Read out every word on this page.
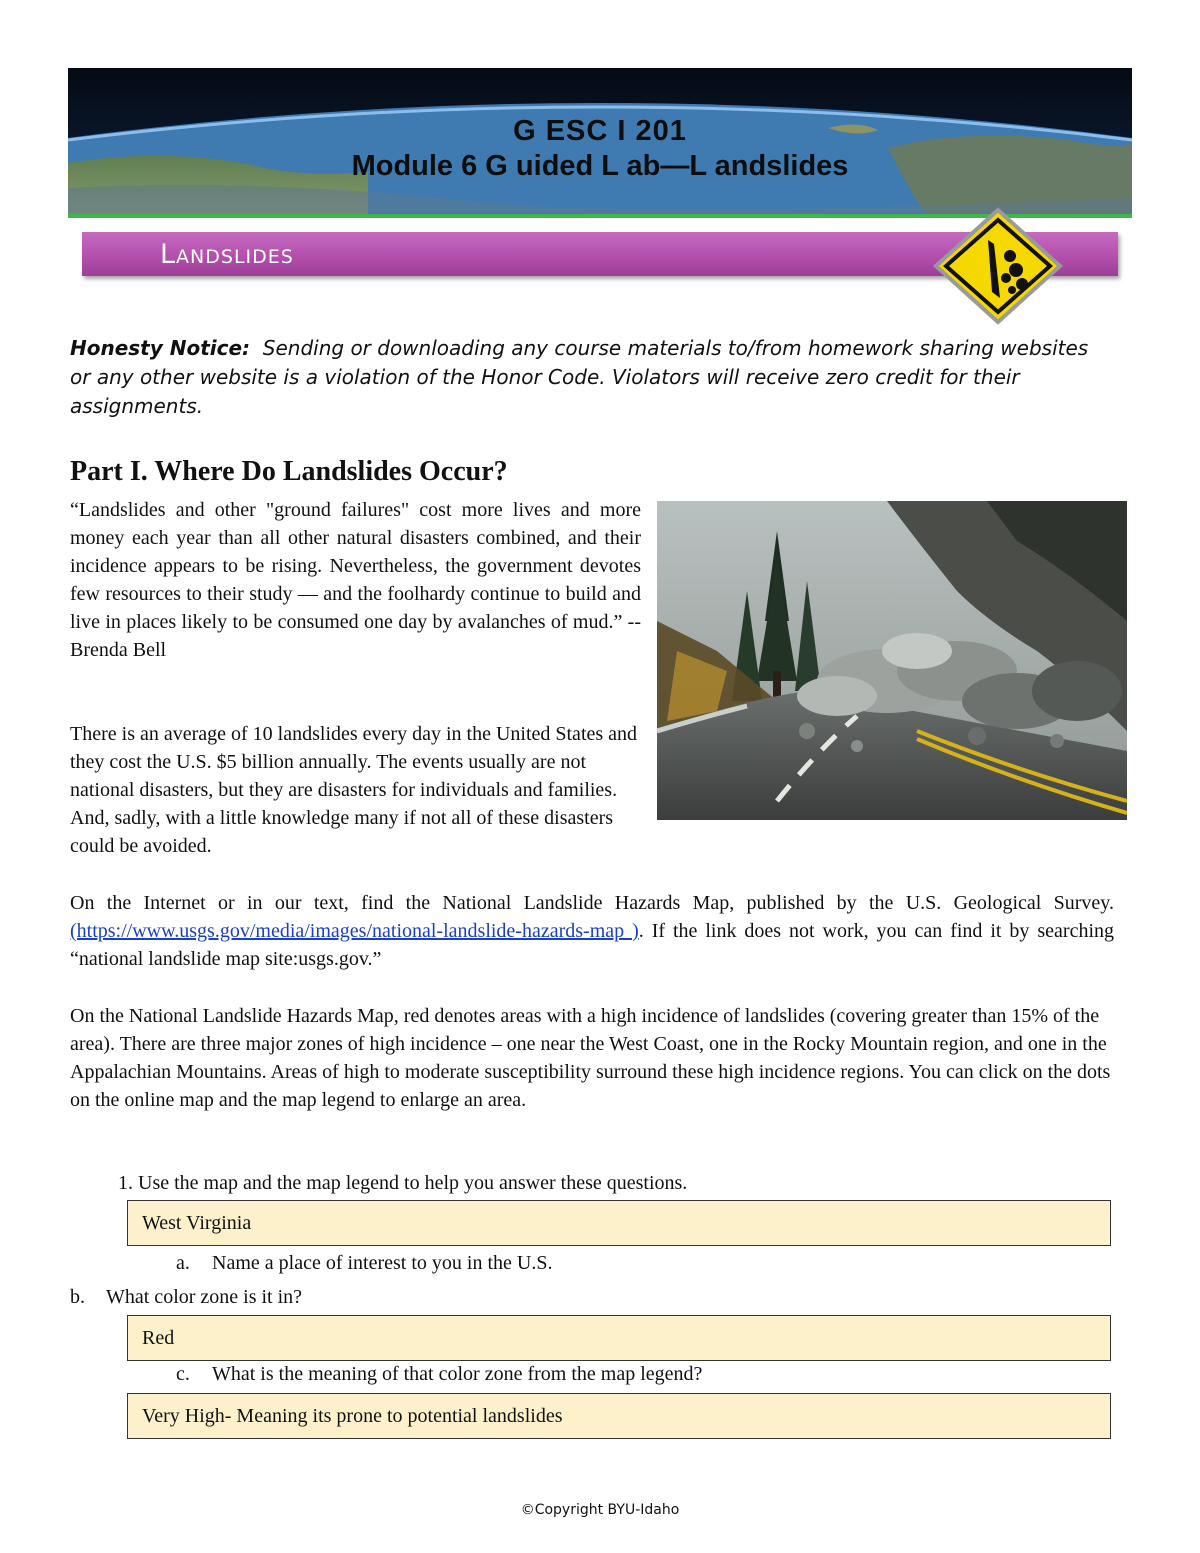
G ESC I 201
Module 6 G uided L ab—L andslides
Landslides
Honesty Notice: Sending or downloading any course materials to/from homework sharing websites or any other website is a violation of the Honor Code. Violators will receive zero credit for their assignments.
Part I. Where Do Landslides Occur?
“Landslides and other "ground failures" cost more lives and more money each year than all other natural disasters combined, and their incidence appears to be rising. Nevertheless, the government devotes few resources to their study — and the foolhardy continue to build and live in places likely to be consumed one day by avalanches of mud.” --Brenda Bell
There is an average of 10 landslides every day in the United States and they cost the U.S. $5 billion annually. The events usually are not national disasters, but they are disasters for individuals and families. And, sadly, with a little knowledge many if not all of these disasters could be avoided.
On the Internet or in our text, find the National Landslide Hazards Map, published by the U.S. Geological Survey. (https://www.usgs.gov/media/images/national-landslide-hazards-map ). If the link does not work, you can find it by searching “national landslide map site:usgs.gov.”
On the National Landslide Hazards Map, red denotes areas with a high incidence of landslides (covering greater than 15% of the area). There are three major zones of high incidence – one near the West Coast, one in the Rocky Mountain region, and one in the Appalachian Mountains. Areas of high to moderate susceptibility surround these high incidence regions. You can click on the dots on the online map and the map legend to enlarge an area.
1. Use the map and the map legend to help you answer these questions.
West Virginia
a. Name a place of interest to you in the U.S.
b. What color zone is it in?
Red
c. What is the meaning of that color zone from the map legend?
Very High- Meaning its prone to potential landslides
©Copyright BYU-Idaho
